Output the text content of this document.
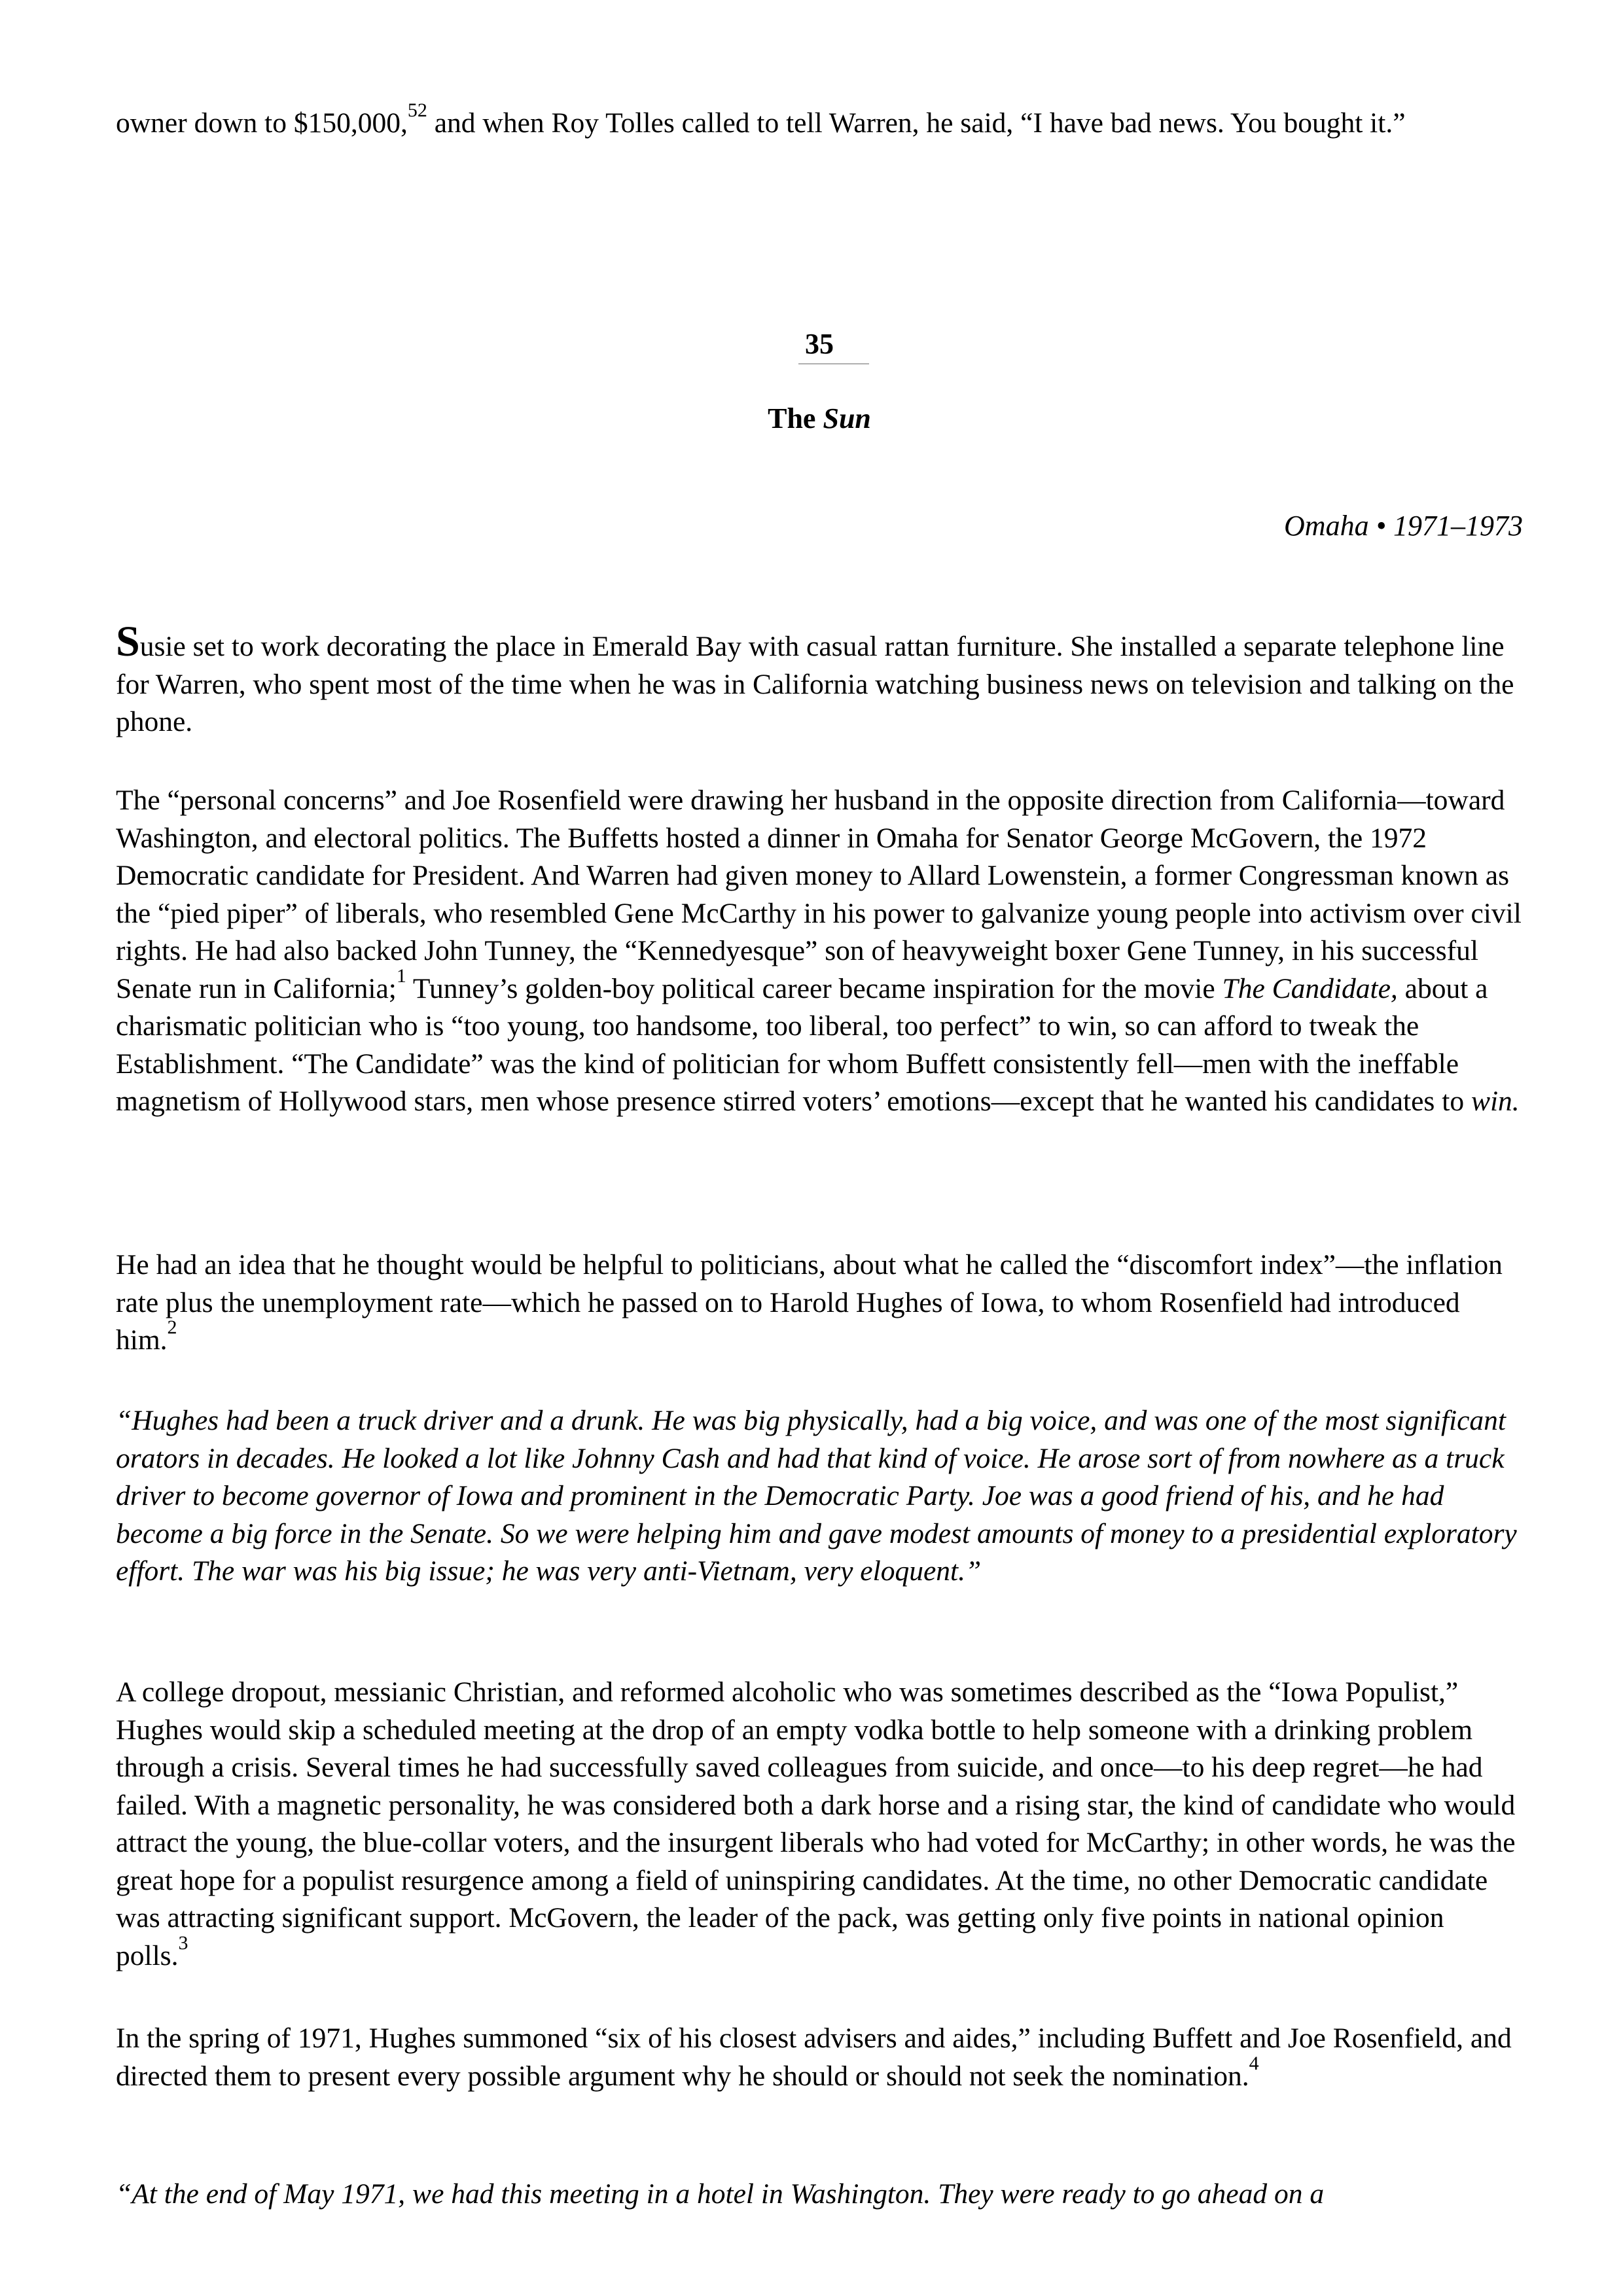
owner down to $150,000,52 and when Roy Tolles called to tell Warren, he said, “I have bad news. You bought it.”

35
The Sun
Omaha • 1971–1973

Susie set to work decorating the place in Emerald Bay with casual rattan furniture. She installed a separate telephone line for Warren, who spent most of the time when he was in California watching business news on television and talking on the phone.

The “personal concerns” and Joe Rosenfield were drawing her husband in the opposite direction from California—toward Washington, and electoral politics. The Buffetts hosted a dinner in Omaha for Senator George McGovern, the 1972 Democratic candidate for President. And Warren had given money to Allard Lowenstein, a former Congressman known as the “pied piper” of liberals, who resembled Gene McCarthy in his power to galvanize young people into activism over civil rights. He had also backed John Tunney, the “Kennedyesque” son of heavyweight boxer Gene Tunney, in his successful Senate run in California;$^1$ Tunney’s golden-boy political career became inspiration for the movie The Candidate, about a charismatic politician who is “too young, too handsome, too liberal, too perfect” to win, so can afford to tweak the Establishment. “The Candidate” was the kind of politician for whom Buffett consistently fell—men with the ineffable magnetism of Hollywood stars, men whose presence stirred voters’ emotions—except that he wanted his candidates to win.

He had an idea that he thought would be helpful to politicians, about what he called the “discomfort index”—the inflation rate plus the unemployment rate—which he passed on to Harold Hughes of Iowa, to whom Rosenfield had introduced him.$^2$

“Hughes had been a truck driver and a drunk. He was big physically, had a big voice, and was one of the most significant orators in decades. He looked a lot like Johnny Cash and had that kind of voice. He arose sort of from nowhere as a truck driver to become governor of Iowa and prominent in the Democratic Party. Joe was a good friend of his, and he had become a big force in the Senate. So we were helping him and gave modest amounts of money to a presidential exploratory effort. The war was his big issue; he was very anti-Vietnam, very eloquent.”

A college dropout, messianic Christian, and reformed alcoholic who was sometimes described as the “Iowa Populist,” Hughes would skip a scheduled meeting at the drop of an empty vodka bottle to help someone with a drinking problem through a crisis. Several times he had successfully saved colleagues from suicide, and once—to his deep regret—he had failed. With a magnetic personality, he was considered both a dark horse and a rising star, the kind of candidate who would attract the young, the blue-collar voters, and the insurgent liberals who had voted for McCarthy; in other words, he was the great hope for a populist resurgence among a field of uninspiring candidates. At the time, no other Democratic candidate was attracting significant support. McGovern, the leader of the pack, was getting only five points in national opinion polls.$^3$

In the spring of 1971, Hughes summoned “six of his closest advisers and aides,” including Buffett and Joe Rosenfield, and directed them to present every possible argument why he should or should not seek the nomination.$^4$

“At the end of May 1971, we had this meeting in a hotel in Washington. They were ready to go ahead on a
